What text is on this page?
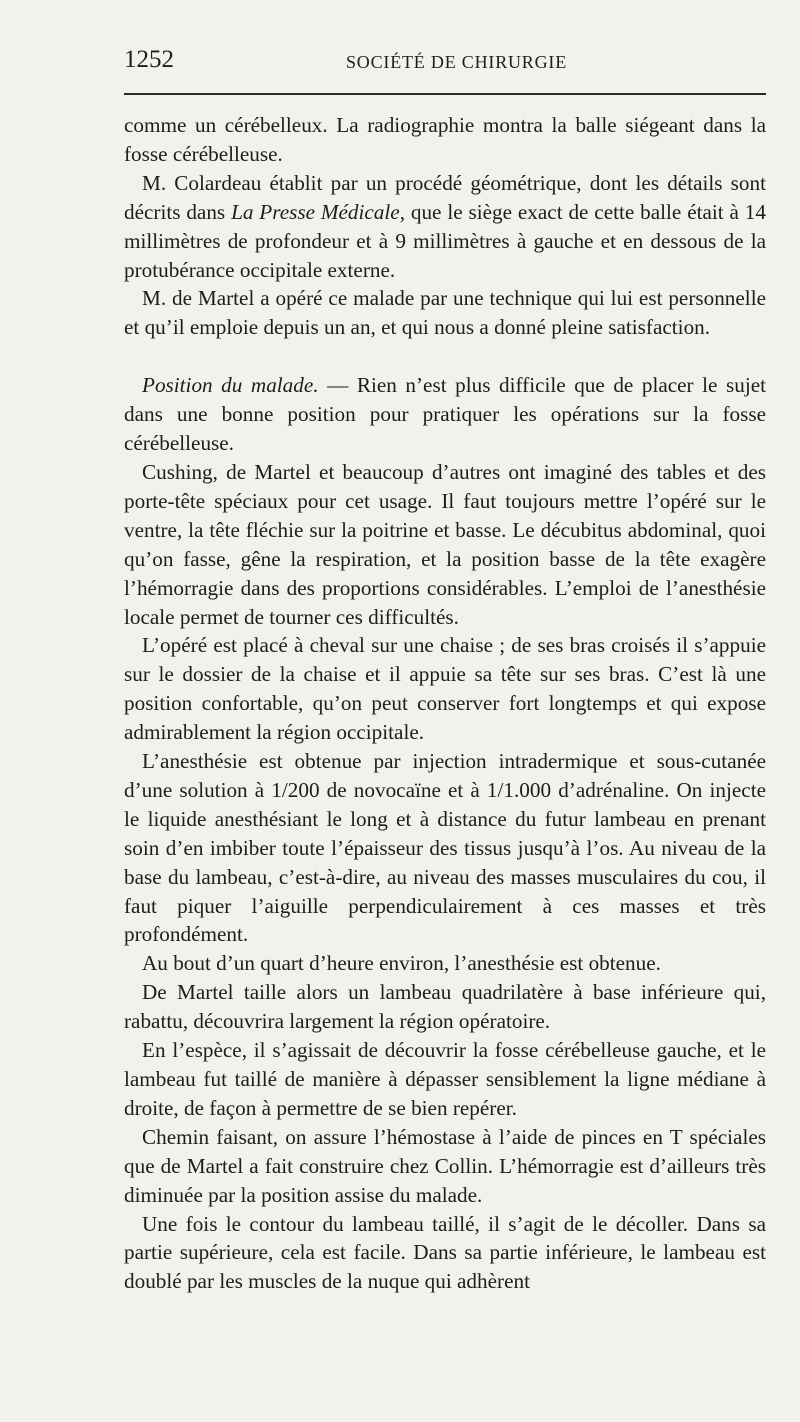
1252	SOCIÉTÉ DE CHIRURGIE

comme un cérébelleux. La radiographie montra la balle siégeant dans la fosse cérébelleuse.

M. Colardeau établit par un procédé géométrique, dont les détails sont décrits dans La Presse Médicale, que le siège exact de cette balle était à 14 millimètres de profondeur et à 9 millimètres à gauche et en dessous de la protubérance occipitale externe.

M. de Martel a opéré ce malade par une technique qui lui est personnelle et qu’il emploie depuis un an, et qui nous a donné pleine satisfaction.

Position du malade. — Rien n’est plus difficile que de placer le sujet dans une bonne position pour pratiquer les opérations sur la fosse cérébelleuse.

Cushing, de Martel et beaucoup d’autres ont imaginé des tables et des porte-tête spéciaux pour cet usage. Il faut toujours mettre l’opéré sur le ventre, la tête fléchie sur la poitrine et basse. Le décubitus abdominal, quoi qu’on fasse, gêne la respiration, et la position basse de la tête exagère l’hémorragie dans des proportions considérables. L’emploi de l’anesthésie locale permet de tourner ces difficultés.

L’opéré est placé à cheval sur une chaise ; de ses bras croisés il s’appuie sur le dossier de la chaise et il appuie sa tête sur ses bras. C’est là une position confortable, qu’on peut conserver fort longtemps et qui expose admirablement la région occipitale.

L’anesthésie est obtenue par injection intradermique et sous-cutanée d’une solution à 1/200 de novocaïne et à 1/1.000 d’adrénaline. On injecte le liquide anesthésiant le long et à distance du futur lambeau en prenant soin d’en imbiber toute l’épaisseur des tissus jusqu’à l’os. Au niveau de la base du lambeau, c’est-à-dire, au niveau des masses musculaires du cou, il faut piquer l’aiguille perpendiculairement à ces masses et très profondément.

Au bout d’un quart d’heure environ, l’anesthésie est obtenue.

De Martel taille alors un lambeau quadrilatère à base inférieure qui, rabattu, découvrira largement la région opératoire.

En l’espèce, il s’agissait de découvrir la fosse cérébelleuse gauche, et le lambeau fut taillé de manière à dépasser sensiblement la ligne médiane à droite, de façon à permettre de se bien repérer.

Chemin faisant, on assure l’hémostase à l’aide de pinces en T spéciales que de Martel a fait construire chez Collin. L’hémorragie est d’ailleurs très diminuée par la position assise du malade.

Une fois le contour du lambeau taillé, il s’agit de le décoller. Dans sa partie supérieure, cela est facile. Dans sa partie inférieure, le lambeau est doublé par les muscles de la nuque qui adhèrent
